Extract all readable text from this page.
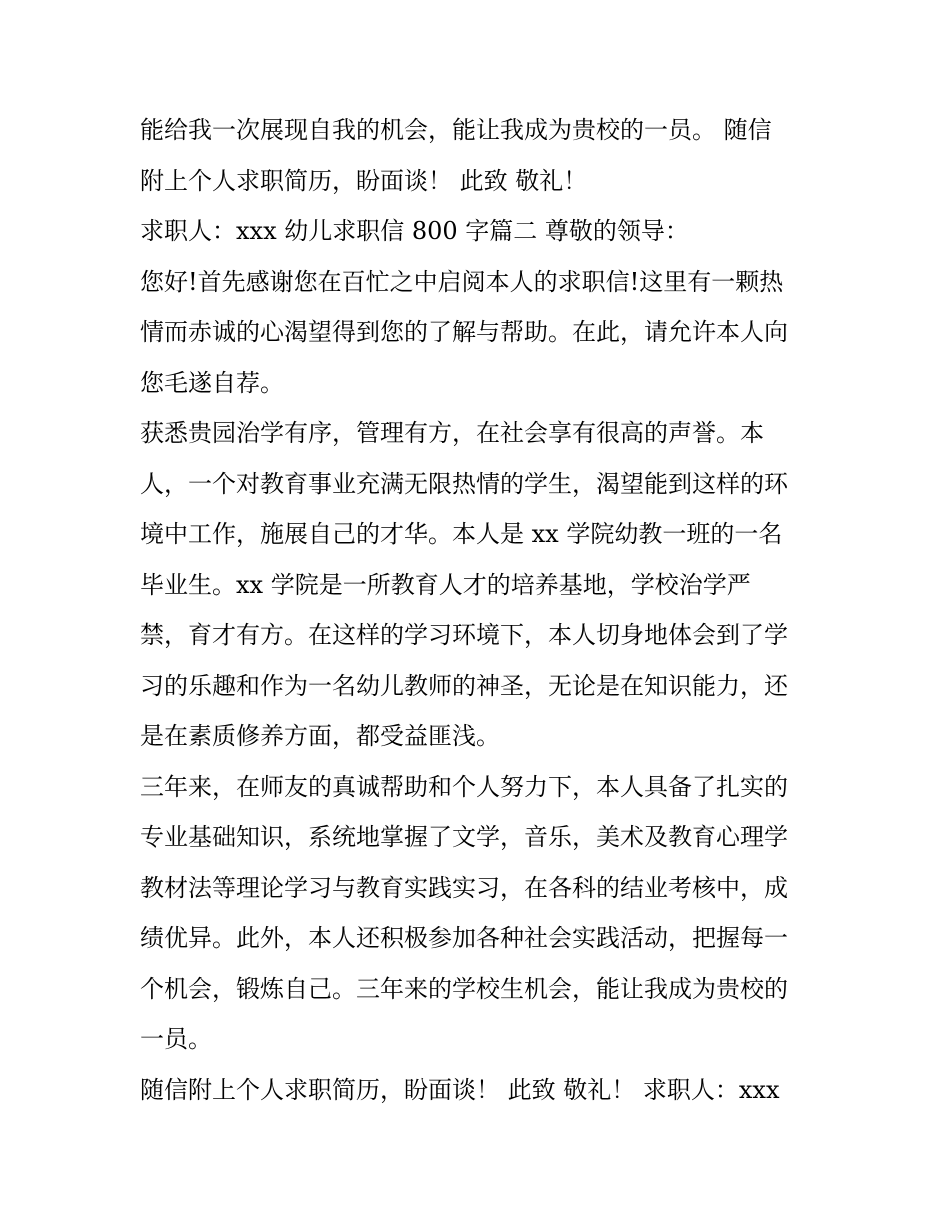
能给我一次展现自我的机会，能让我成为贵校的一员。 随信
附上个人求职简历，盼面谈！ 此致 敬礼！
求职人：xxx 幼儿求职信 800 字篇二 尊敬的领导：
您好!首先感谢您在百忙之中启阅本人的求职信!这里有一颗热
情而赤诚的心渴望得到您的了解与帮助。在此，请允许本人向
您毛遂自荐。
获悉贵园治学有序，管理有方，在社会享有很高的声誉。本
人，一个对教育事业充满无限热情的学生，渴望能到这样的环
境中工作，施展自己的才华。本人是 xx 学院幼教一班的一名
毕业生。xx 学院是一所教育人才的培养基地，学校治学严
禁，育才有方。在这样的学习环境下，本人切身地体会到了学
习的乐趣和作为一名幼儿教师的神圣，无论是在知识能力，还
是在素质修养方面，都受益匪浅。
三年来，在师友的真诚帮助和个人努力下，本人具备了扎实的
专业基础知识，系统地掌握了文学，音乐，美术及教育心理学
教材法等理论学习与教育实践实习，在各科的结业考核中，成
绩优异。此外，本人还积极参加各种社会实践活动，把握每一
个机会，锻炼自己。三年来的学校生机会，能让我成为贵校的
一员。
随信附上个人求职简历，盼面谈！ 此致 敬礼！ 求职人：xxx
